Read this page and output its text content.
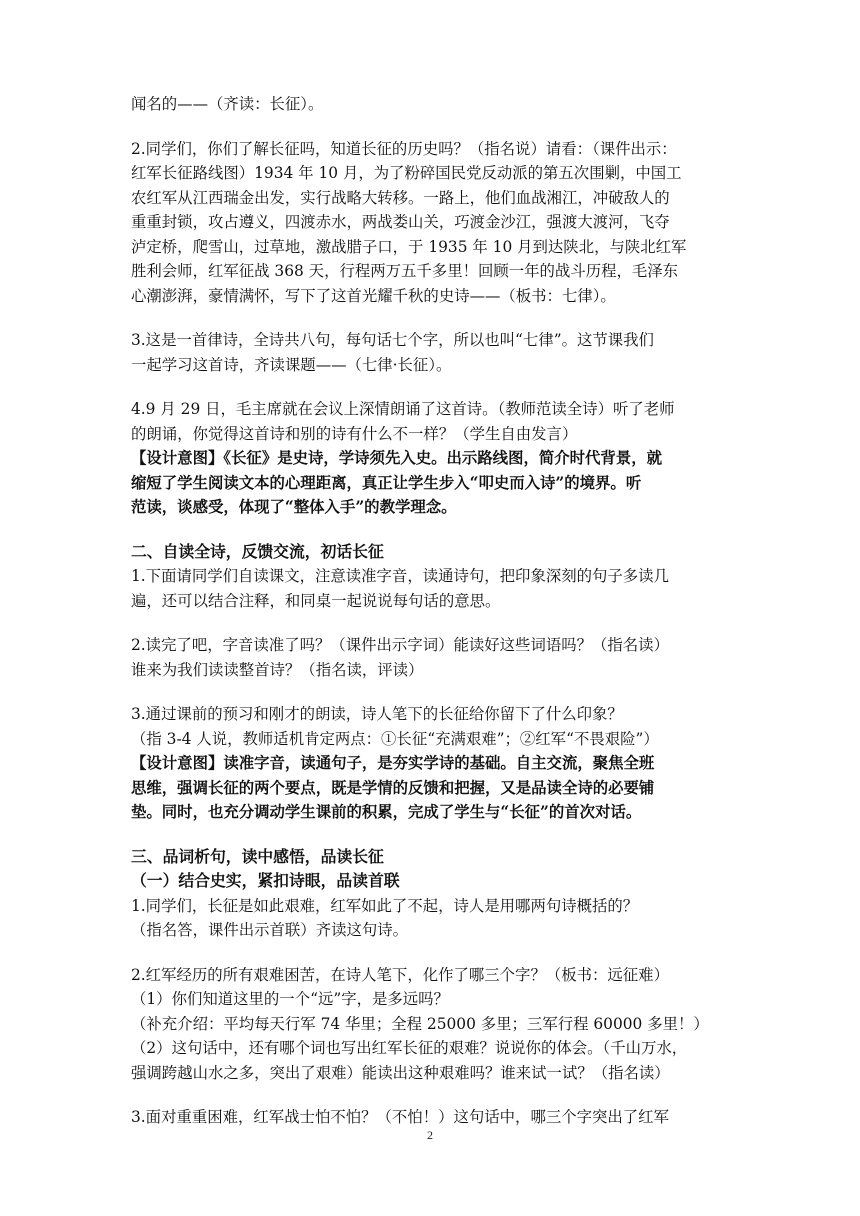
闻名的——（齐读：长征）。
2.同学们，你们了解长征吗，知道长征的历史吗？（指名说）请看：（课件出示：
红军长征路线图）1934 年 10 月，为了粉碎国民党反动派的第五次围剿，中国工
农红军从江西瑞金出发，实行战略大转移。一路上，他们血战湘江，冲破敌人的
重重封锁，攻占遵义，四渡赤水，两战娄山关，巧渡金沙江，强渡大渡河，飞夺
泸定桥，爬雪山，过草地，激战腊子口，于 1935 年 10 月到达陕北，与陕北红军
胜利会师，红军征战 368 天，行程两万五千多里！回顾一年的战斗历程，毛泽东
心潮澎湃，豪情满怀，写下了这首光耀千秋的史诗——（板书：七律）。
3.这是一首律诗，全诗共八句，每句话七个字，所以也叫“七律”。这节课我们
一起学习这首诗，齐读课题——（七律·长征）。
4.9 月 29 日，毛主席就在会议上深情朗诵了这首诗。（教师范读全诗）听了老师
的朗诵，你觉得这首诗和别的诗有什么不一样？（学生自由发言）
【设计意图】《长征》是史诗，学诗须先入史。出示路线图，简介时代背景，就
缩短了学生阅读文本的心理距离，真正让学生步入“叩史而入诗”的境界。听
范读，谈感受，体现了“整体入手”的教学理念。
二、自读全诗，反馈交流，初话长征
1.下面请同学们自读课文，注意读准字音，读通诗句，把印象深刻的句子多读几
遍，还可以结合注释，和同桌一起说说每句话的意思。
2.读完了吧，字音读准了吗？（课件出示字词）能读好这些词语吗？（指名读）
谁来为我们读读整首诗？（指名读，评读）
3.通过课前的预习和刚才的朗读，诗人笔下的长征给你留下了什么印象？
（指 3-4 人说，教师适机肯定两点：①长征“充满艰难”；②红军“不畏艰险”）
【设计意图】读准字音，读通句子，是夯实学诗的基础。自主交流，聚焦全班
思维，强调长征的两个要点，既是学情的反馈和把握，又是品读全诗的必要铺
垫。同时，也充分调动学生课前的积累，完成了学生与“长征”的首次对话。
三、品词析句，读中感悟，品读长征
（一）结合史实，紧扣诗眼，品读首联
1.同学们，长征是如此艰难，红军如此了不起，诗人是用哪两句诗概括的？
（指名答，课件出示首联）齐读这句诗。
2.红军经历的所有艰难困苦，在诗人笔下，化作了哪三个字？（板书：远征难）
（1）你们知道这里的一个“远”字，是多远吗？
（补充介绍：平均每天行军 74 华里；全程 25000 多里；三军行程 60000 多里！）
（2）这句话中，还有哪个词也写出红军长征的艰难？说说你的体会。（千山万水，
强调跨越山水之多，突出了艰难）能读出这种艰难吗？谁来试一试？（指名读）
3.面对重重困难，红军战士怕不怕？（不怕！）这句话中，哪三个字突出了红军
2
